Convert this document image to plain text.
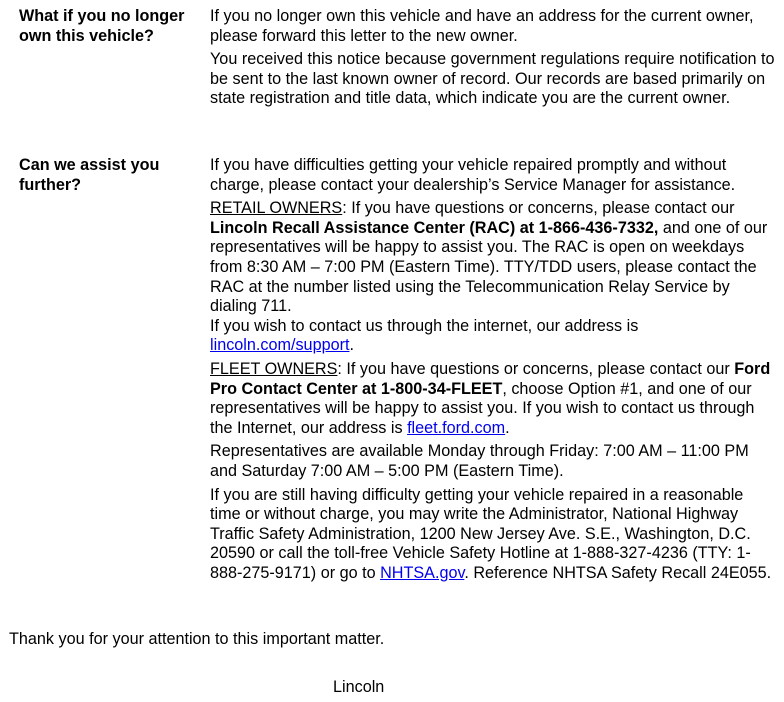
What if you no longer own this vehicle?

If you no longer own this vehicle and have an address for the current owner, please forward this letter to the new owner.

You received this notice because government regulations require notification to be sent to the last known owner of record. Our records are based primarily on state registration and title data, which indicate you are the current owner.

Can we assist you further?

If you have difficulties getting your vehicle repaired promptly and without charge, please contact your dealership’s Service Manager for assistance.

RETAIL OWNERS: If you have questions or concerns, please contact our Lincoln Recall Assistance Center (RAC) at 1-866-436-7332, and one of our representatives will be happy to assist you. The RAC is open on weekdays from 8:30 AM – 7:00 PM (Eastern Time). TTY/TDD users, please contact the RAC at the number listed using the Telecommunication Relay Service by dialing 711.

If you wish to contact us through the internet, our address is lincoln.com/support.

FLEET OWNERS: If you have questions or concerns, please contact our Ford Pro Contact Center at 1-800-34-FLEET, choose Option #1, and one of our representatives will be happy to assist you. If you wish to contact us through the Internet, our address is fleet.ford.com.

Representatives are available Monday through Friday: 7:00 AM – 11:00 PM and Saturday 7:00 AM – 5:00 PM (Eastern Time).

If you are still having difficulty getting your vehicle repaired in a reasonable time or without charge, you may write the Administrator, National Highway Traffic Safety Administration, 1200 New Jersey Ave. S.E., Washington, D.C. 20590 or call the toll-free Vehicle Safety Hotline at 1-888-327-4236 (TTY: 1-888-275-9171) or go to NHTSA.gov. Reference NHTSA Safety Recall 24E055.

Thank you for your attention to this important matter.
Lincoln
